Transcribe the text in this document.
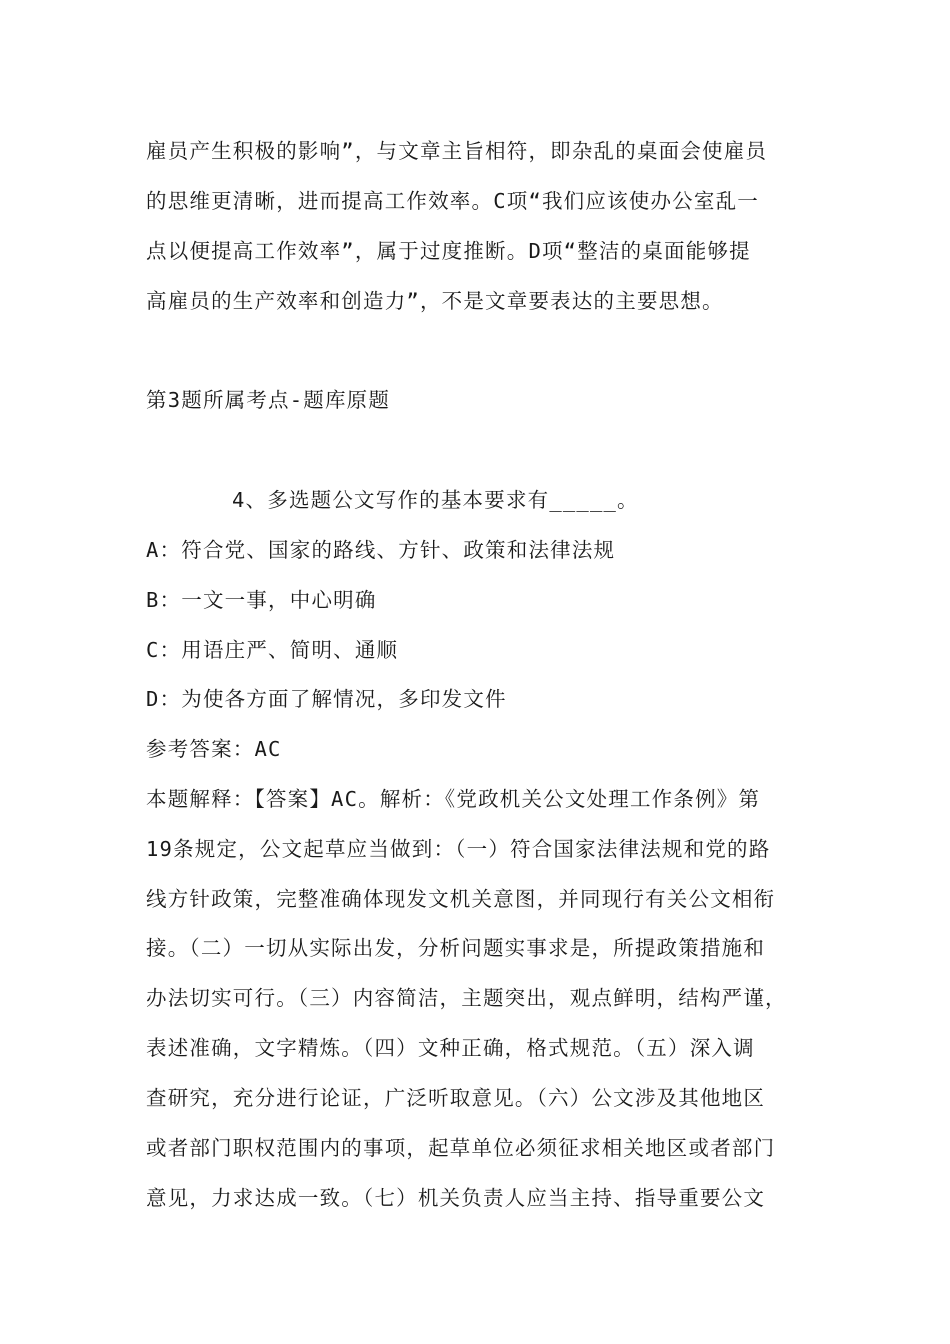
雇员产生积极的影响”，与文章主旨相符，即杂乱的桌面会使雇员
的思维更清晰，进而提高工作效率。C项“我们应该使办公室乱一
点以便提高工作效率”，属于过度推断。D项“整洁的桌面能够提
高雇员的生产效率和创造力”，不是文章要表达的主要思想。
第3题所属考点-题库原题
4、多选题公文写作的基本要求有_____。
A：符合党、国家的路线、方针、政策和法律法规
B：一文一事，中心明确
C：用语庄严、简明、通顺
D：为使各方面了解情况，多印发文件
参考答案：AC
本题解释：【答案】AC。解析：《党政机关公文处理工作条例》第
19条规定，公文起草应当做到：（一）符合国家法律法规和党的路
线方针政策，完整准确体现发文机关意图，并同现行有关公文相衔
接。（二）一切从实际出发，分析问题实事求是，所提政策措施和
办法切实可行。（三）内容简洁，主题突出，观点鲜明，结构严谨，
表述准确，文字精炼。（四）文种正确，格式规范。（五）深入调
查研究，充分进行论证，广泛听取意见。（六）公文涉及其他地区
或者部门职权范围内的事项，起草单位必须征求相关地区或者部门
意见，力求达成一致。（七）机关负责人应当主持、指导重要公文
